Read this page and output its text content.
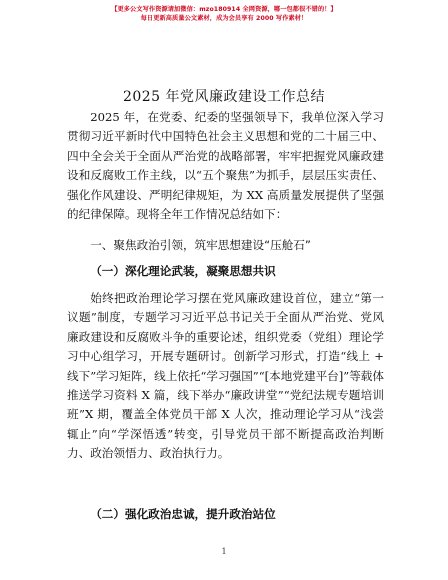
【更多公文写作资源请加微信：mzo180914 全网资源，哪一包都很不错的！】
每日更新高质量公文素材，成为会员享有 2000 写作素材！
2025 年党风廉政建设工作总结

2025 年，在党委、纪委的坚强领导下，我单位深入学习贯彻习近平新时代中国特色社会主义思想和党的二十届三中、四中全会关于全面从严治党的战略部署，牢牢把握党风廉政建设和反腐败工作主线，以“五个聚焦”为抓手，层层压实责任、强化作风建设、严明纪律规矩，为 XX 高质量发展提供了坚强的纪律保障。现将全年工作情况总结如下：

一、聚焦政治引领，筑牢思想建设“压舱石”
（一）深化理论武装，凝聚思想共识

始终把政治理论学习摆在党风廉政建设首位，建立“第一议题”制度，专题学习习近平总书记关于全面从严治党、党风廉政建设和反腐败斗争的重要论述，组织党委（党组）理论学习中心组学习，开展专题研讨。创新学习形式，打造“线上 + 线下”学习矩阵，线上依托“学习强国”“[本地党建平台]”等载体推送学习资料 X 篇，线下举办“廉政讲堂”“党纪法规专题培训班”X 期，覆盖全体党员干部 X 人次，推动理论学习从“浅尝辄止”向“学深悟透”转变，引导党员干部不断提高政治判断力、政治领悟力、政治执行力。

（二）强化政治忠诚，提升政治站位
1
